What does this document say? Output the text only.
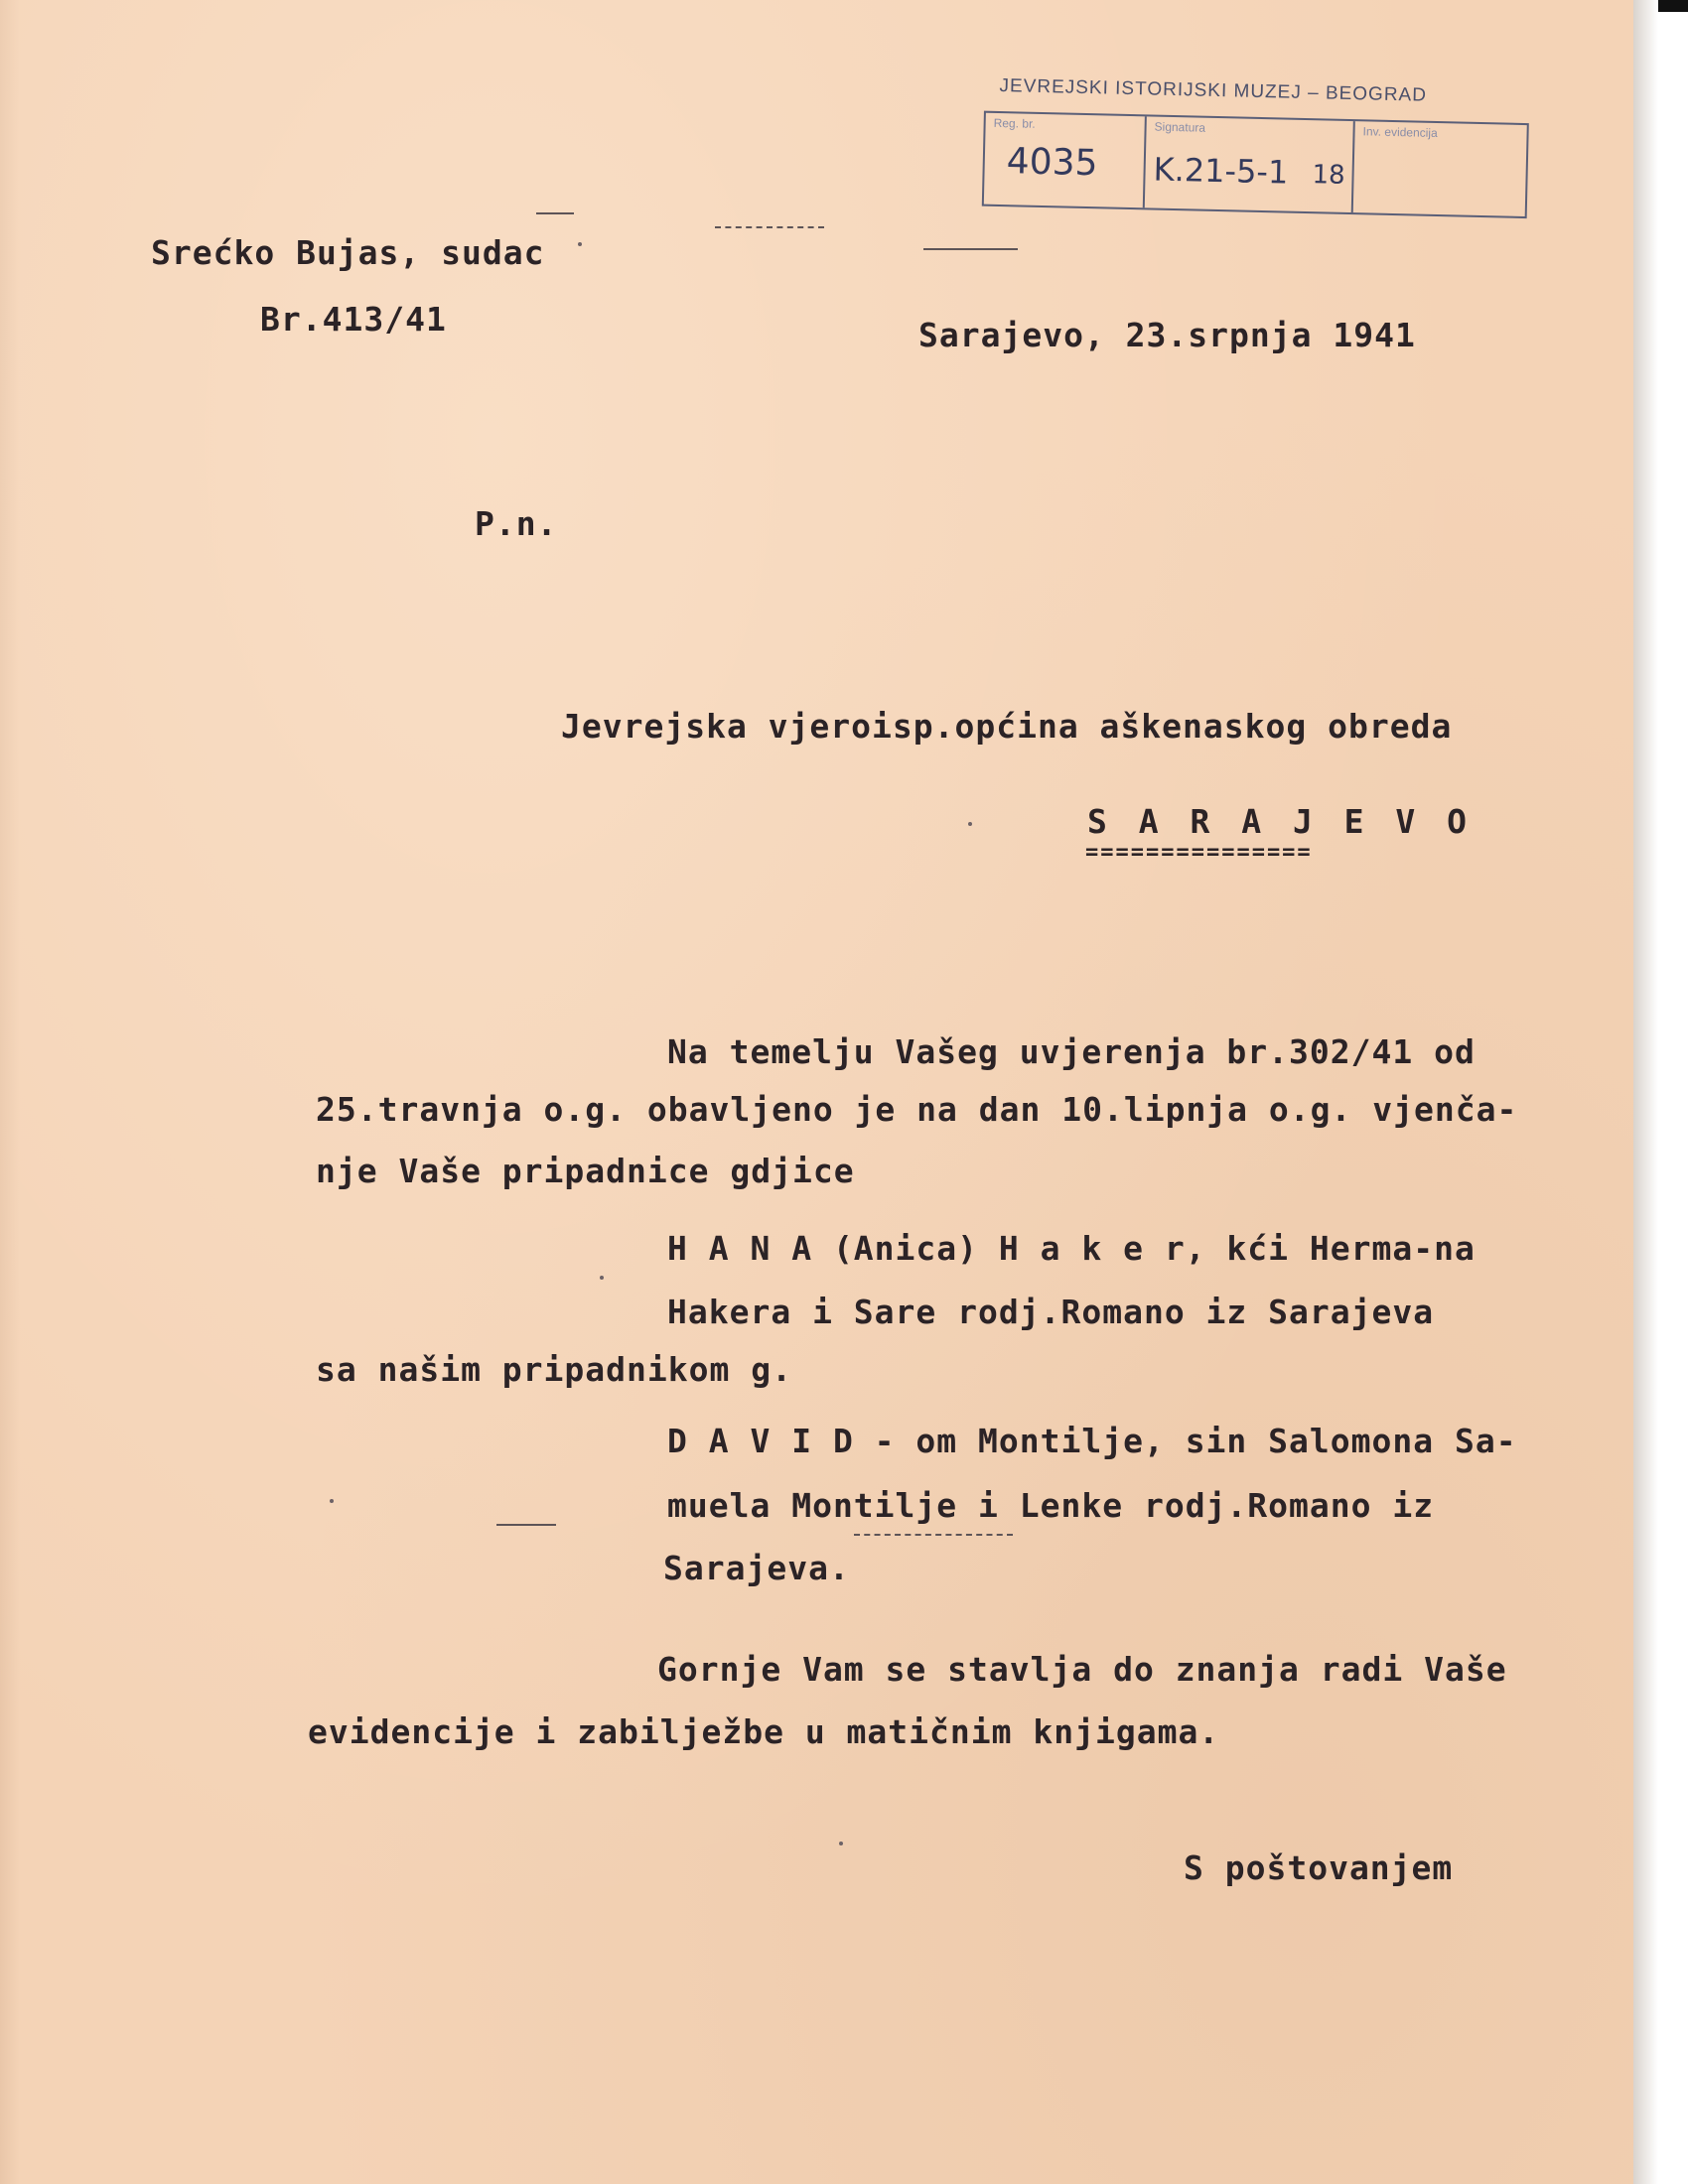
JEVREJSKI ISTORIJSKI MUZEJ – BEOGRAD
Reg. br.
4035
Signatura
K.21-5-1 18
Inv. evidencija
Srećko Bujas, sudac
Br.413/41	Sarajevo, 23.srpnja 1941
P.n.
Jevrejska vjeroisp.općina aškenaskog obreda
S A R A J E V O
===============
Na temelju Vašeg uvjerenja br.302/41 od
25.travnja o.g. obavljeno je na dan 10.lipnja o.g. vjenča-
nje Vaše pripadnice gdjice
H A N A (Anica) H a k e r, kći Herma-na
Hakera i Sare rodj.Romano iz Sarajeva
sa našim pripadnikom g.
D A V I D - om Montilje, sin Salomona Sa-
muela Montilje i Lenke rodj.Romano iz
Sarajeva.
Gornje Vam se stavlja do znanja radi Vaše
evidencije i zabilježbe u matičnim knjigama.
S poštovanjem
